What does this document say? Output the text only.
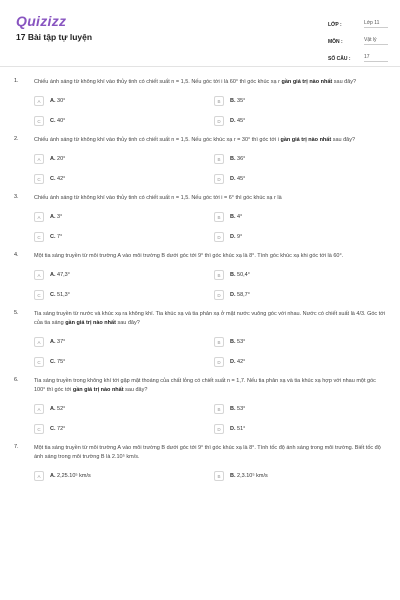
Quizizz
17 Bài tập tự luyện
LỚP :	Lớp 11
MÔN :	Vật lý
SỐ CÂU :	17
1.	Chiếu ánh sáng từ không khí vào thủy tinh có chiết suất n = 1,5. Nếu góc tới i là 60° thì góc khúc xạ r gần giá trị nào nhất sau đây?
A	A. 30°	B	B. 35°
C	C. 40°	D	D. 45°
2.	Chiếu ánh sáng từ không khí vào thủy tinh có chiết suất n = 1,5. Nếu góc khúc xạ r = 30° thì góc tới i gần giá trị nào nhất sau đây?
A	A. 20°	B	B. 36°
C	C. 42°	D	D. 45°
3.	Chiếu ánh sáng từ không khí vào thủy tinh có chiết suất n = 1,5. Nếu góc tới i = 6° thì góc khúc xạ r là
A	A. 3°	B	B. 4°
C	C. 7°	D	D. 9°
4.	Một tia sáng truyền từ môi trường A vào môi trường B dưới góc tới 9° thì góc khúc xạ là 8°. Tính góc khúc xạ khi góc tới là 60°.
A	A. 47,3°	B	B. 50,4°
C	C. 51,3°	D	D. 58,7°
5.	Tia sáng truyền từ nước và khúc xạ ra không khí. Tia khúc xạ và tia phản xạ ở mặt nước vuông góc với nhau. Nước có chiết suất là 4/3. Góc tới của tia sáng gần giá trị nào nhất sau đây?
A	A. 37°	B	B. 53°
C	C. 75°	D	D. 42°
6.	Tia sáng truyền trong không khí tới gặp mặt thoáng của chất lỏng có chiết suất n = 1,7. Nếu tia phản xạ và tia khúc xạ hợp với nhau một góc 100° thì góc tới gần giá trị nào nhất sau đây?
A	A. 52°	B	B. 53°
C	C. 72°	D	D. 51°
7.	Một tia sáng truyền từ môi trường A vào môi trường B dưới góc tới 9° thì góc khúc xạ là 8°. Tính tốc độ ánh sáng trong môi trường. Biết tốc độ ánh sáng trong môi trường B là 2.10⁵ km/s.
A	A. 2,25.10⁵ km/s	B	B. 2,3.10⁵ km/s
